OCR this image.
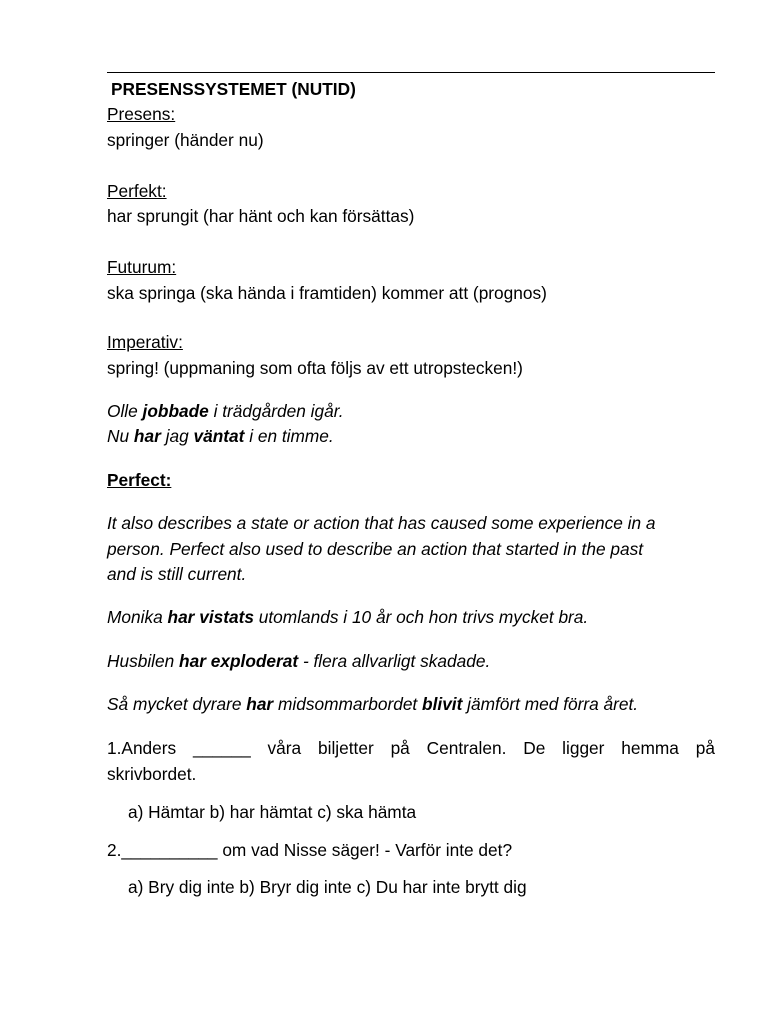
PRESENSSYSTEMET (NUTID)
Presens:
springer (händer nu)
Perfekt:
har sprungit (har hänt och kan försättas)
Futurum:
ska springa (ska hända i framtiden) kommer att (prognos)
Imperativ:
spring! (uppmaning som ofta följs av ett utropstecken!)
Olle jobbade i trädgården igår.
Nu har jag väntat i en timme.
Perfect:
It also describes a state or action that has caused some experience in a
person. Perfect also used to describe an action that started in the past
and is still current.
Monika har vistats utomlands i 10 år och hon trivs mycket bra.
Husbilen har exploderat - flera allvarligt skadade.
Så mycket dyrare har midsommarbordet blivit jämfört med förra året.
1.Anders ______ våra biljetter på Centralen. De ligger hemma på
skrivbordet.
a) Hämtar b) har hämtat c) ska hämta
2.__________ om vad Nisse säger! - Varför inte det?
a) Bry dig inte b) Bryr dig inte c) Du har inte brytt dig
